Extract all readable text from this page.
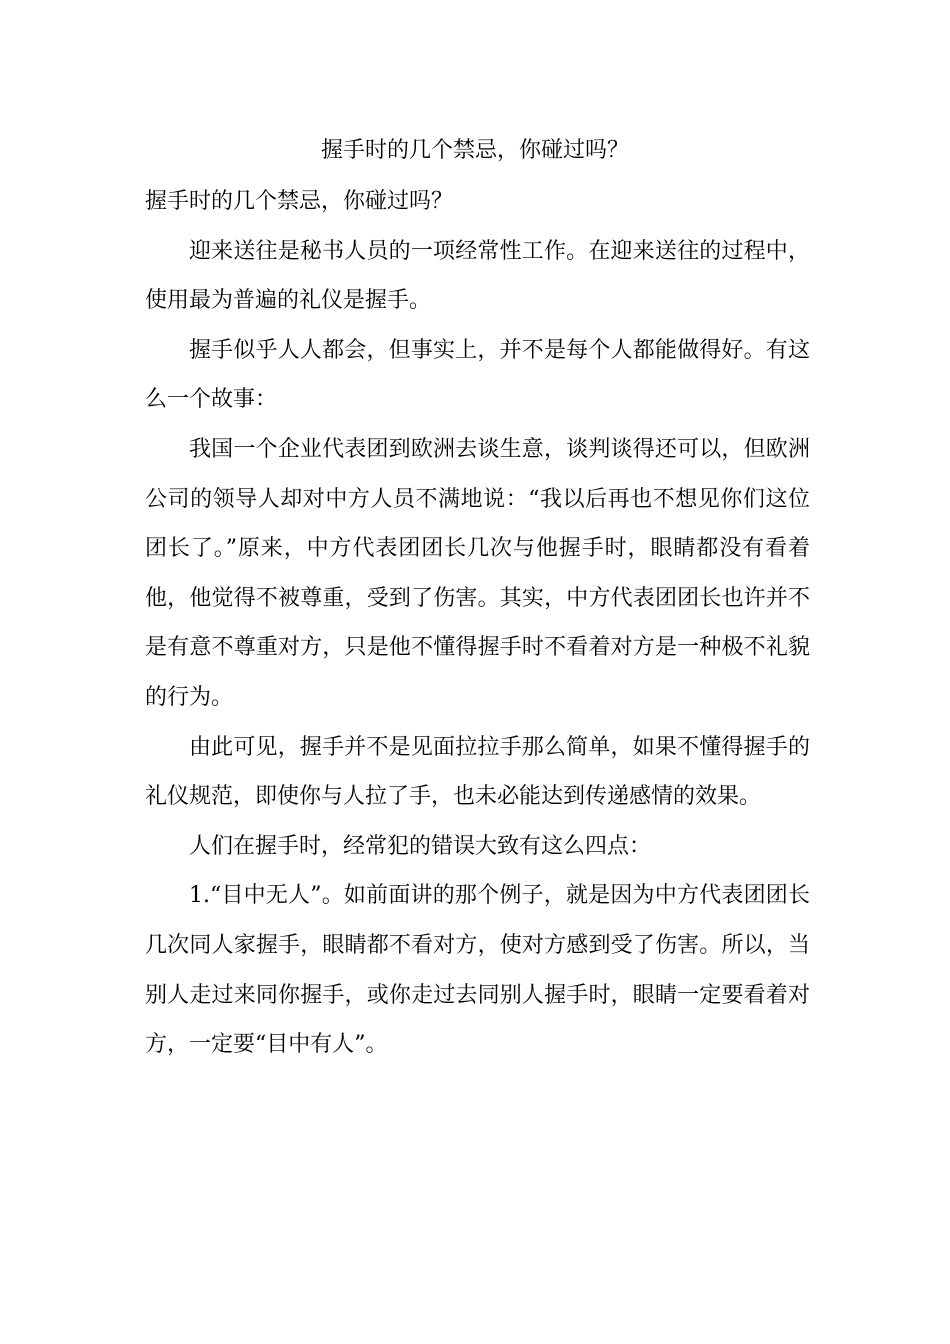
握手时的几个禁忌，你碰过吗？

握手时的几个禁忌，你碰过吗？

迎来送往是秘书人员的一项经常性工作。在迎来送往的过程中，使用最为普遍的礼仪是握手。

握手似乎人人都会，但事实上，并不是每个人都能做得好。有这么一个故事：

我国一个企业代表团到欧洲去谈生意，谈判谈得还可以，但欧洲公司的领导人却对中方人员不满地说：“我以后再也不想见你们这位团长了。”原来，中方代表团团长几次与他握手时，眼睛都没有看着他，他觉得不被尊重，受到了伤害。其实，中方代表团团长也许并不是有意不尊重对方，只是他不懂得握手时不看着对方是一种极不礼貌的行为。

由此可见，握手并不是见面拉拉手那么简单，如果不懂得握手的礼仪规范，即使你与人拉了手，也未必能达到传递感情的效果。

人们在握手时，经常犯的错误大致有这么四点：

1.“目中无人”。如前面讲的那个例子，就是因为中方代表团团长几次同人家握手，眼睛都不看对方，使对方感到受了伤害。所以，当别人走过来同你握手，或你走过去同别人握手时，眼睛一定要看着对方，一定要“目中有人”。
